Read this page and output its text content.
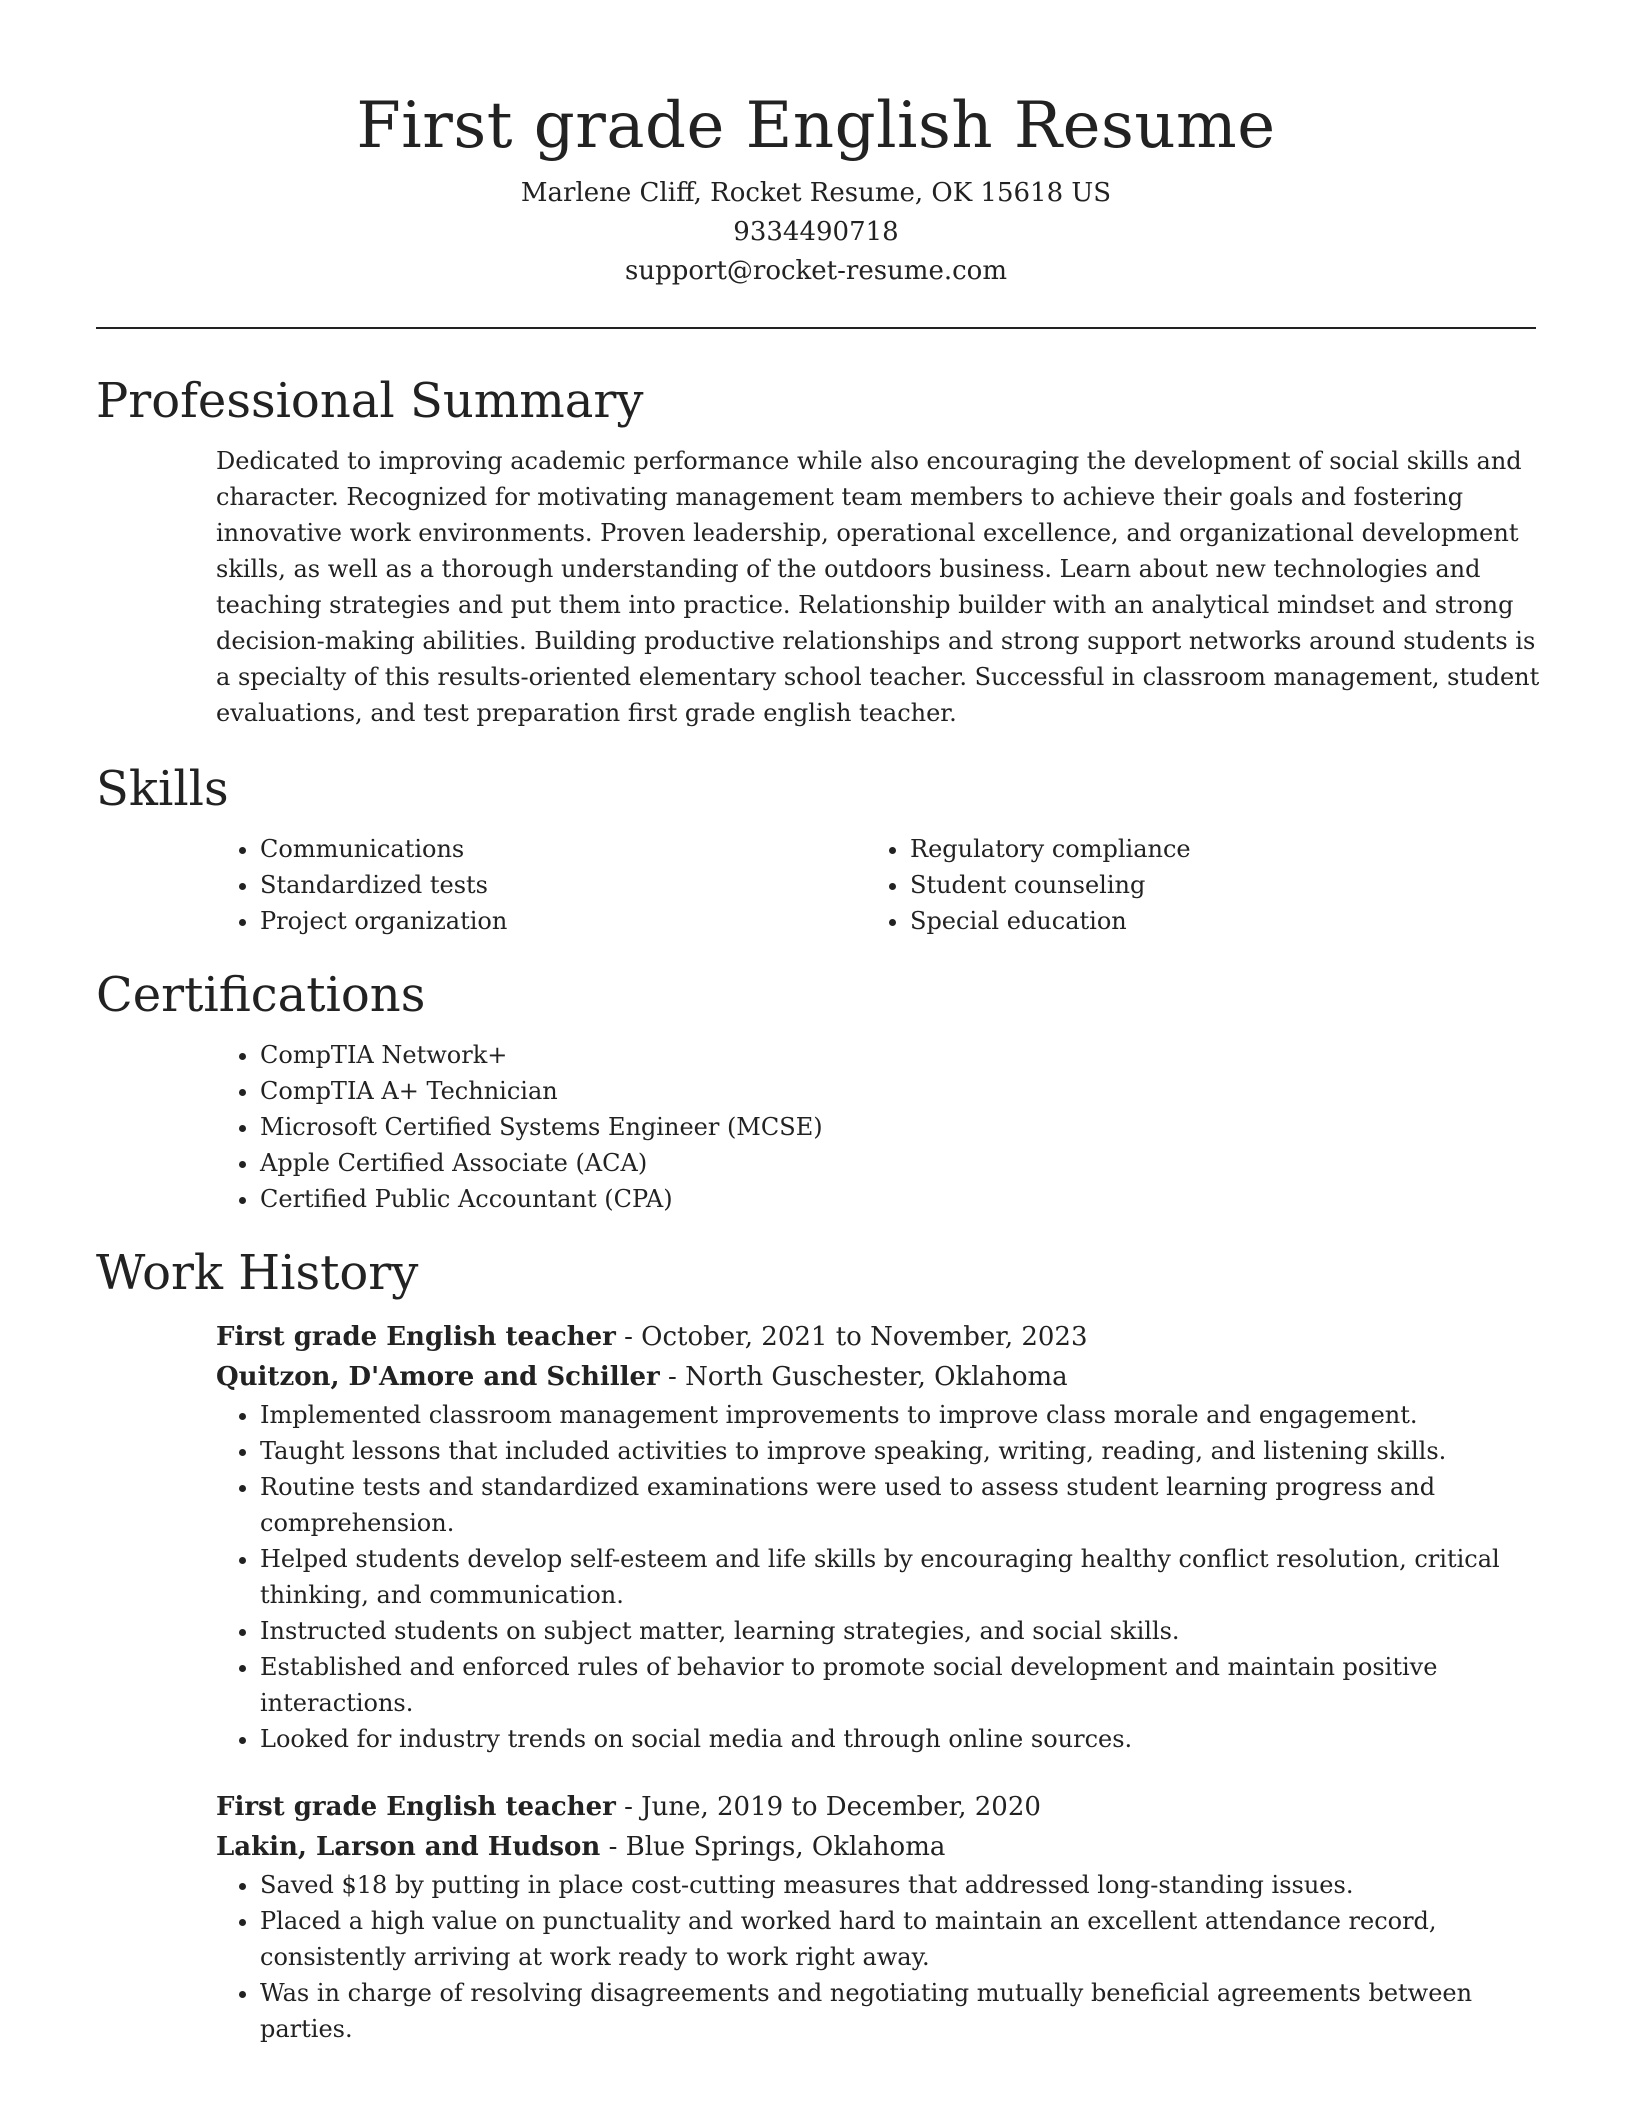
First grade English Resume

Marlene Cliff, Rocket Resume, OK 15618 US

9334490718

support@rocket-resume.com

Professional Summary

Dedicated to improving academic performance while also encouraging the development of social skills and character. Recognized for motivating management team members to achieve their goals and fostering innovative work environments. Proven leadership, operational excellence, and organizational development skills, as well as a thorough understanding of the outdoors business. Learn about new technologies and teaching strategies and put them into practice. Relationship builder with an analytical mindset and strong decision-making abilities. Building productive relationships and strong support networks around students is a specialty of this results-oriented elementary school teacher. Successful in classroom management, student evaluations, and test preparation first grade english teacher.

Skills
• Communications
• Standardized tests
• Project organization
• Regulatory compliance
• Student counseling
• Special education
Certifications
• CompTIA Network+
• CompTIA A+ Technician
• Microsoft Certified Systems Engineer (MCSE)
• Apple Certified Associate (ACA)
• Certified Public Accountant (CPA)
Work History

First grade English teacher - October, 2021 to November, 2023

Quitzon, D'Amore and Schiller - North Guschester, Oklahoma

• Implemented classroom management improvements to improve class morale and engagement.
• Taught lessons that included activities to improve speaking, writing, reading, and listening skills.
• Routine tests and standardized examinations were used to assess student learning progress and comprehension.
• Helped students develop self-esteem and life skills by encouraging healthy conflict resolution, critical thinking, and communication.
• Instructed students on subject matter, learning strategies, and social skills.
• Established and enforced rules of behavior to promote social development and maintain positive interactions.
• Looked for industry trends on social media and through online sources.

First grade English teacher - June, 2019 to December, 2020

Lakin, Larson and Hudson - Blue Springs, Oklahoma

• Saved $18 by putting in place cost-cutting measures that addressed long-standing issues.
• Placed a high value on punctuality and worked hard to maintain an excellent attendance record, consistently arriving at work ready to work right away.
• Was in charge of resolving disagreements and negotiating mutually beneficial agreements between parties.
